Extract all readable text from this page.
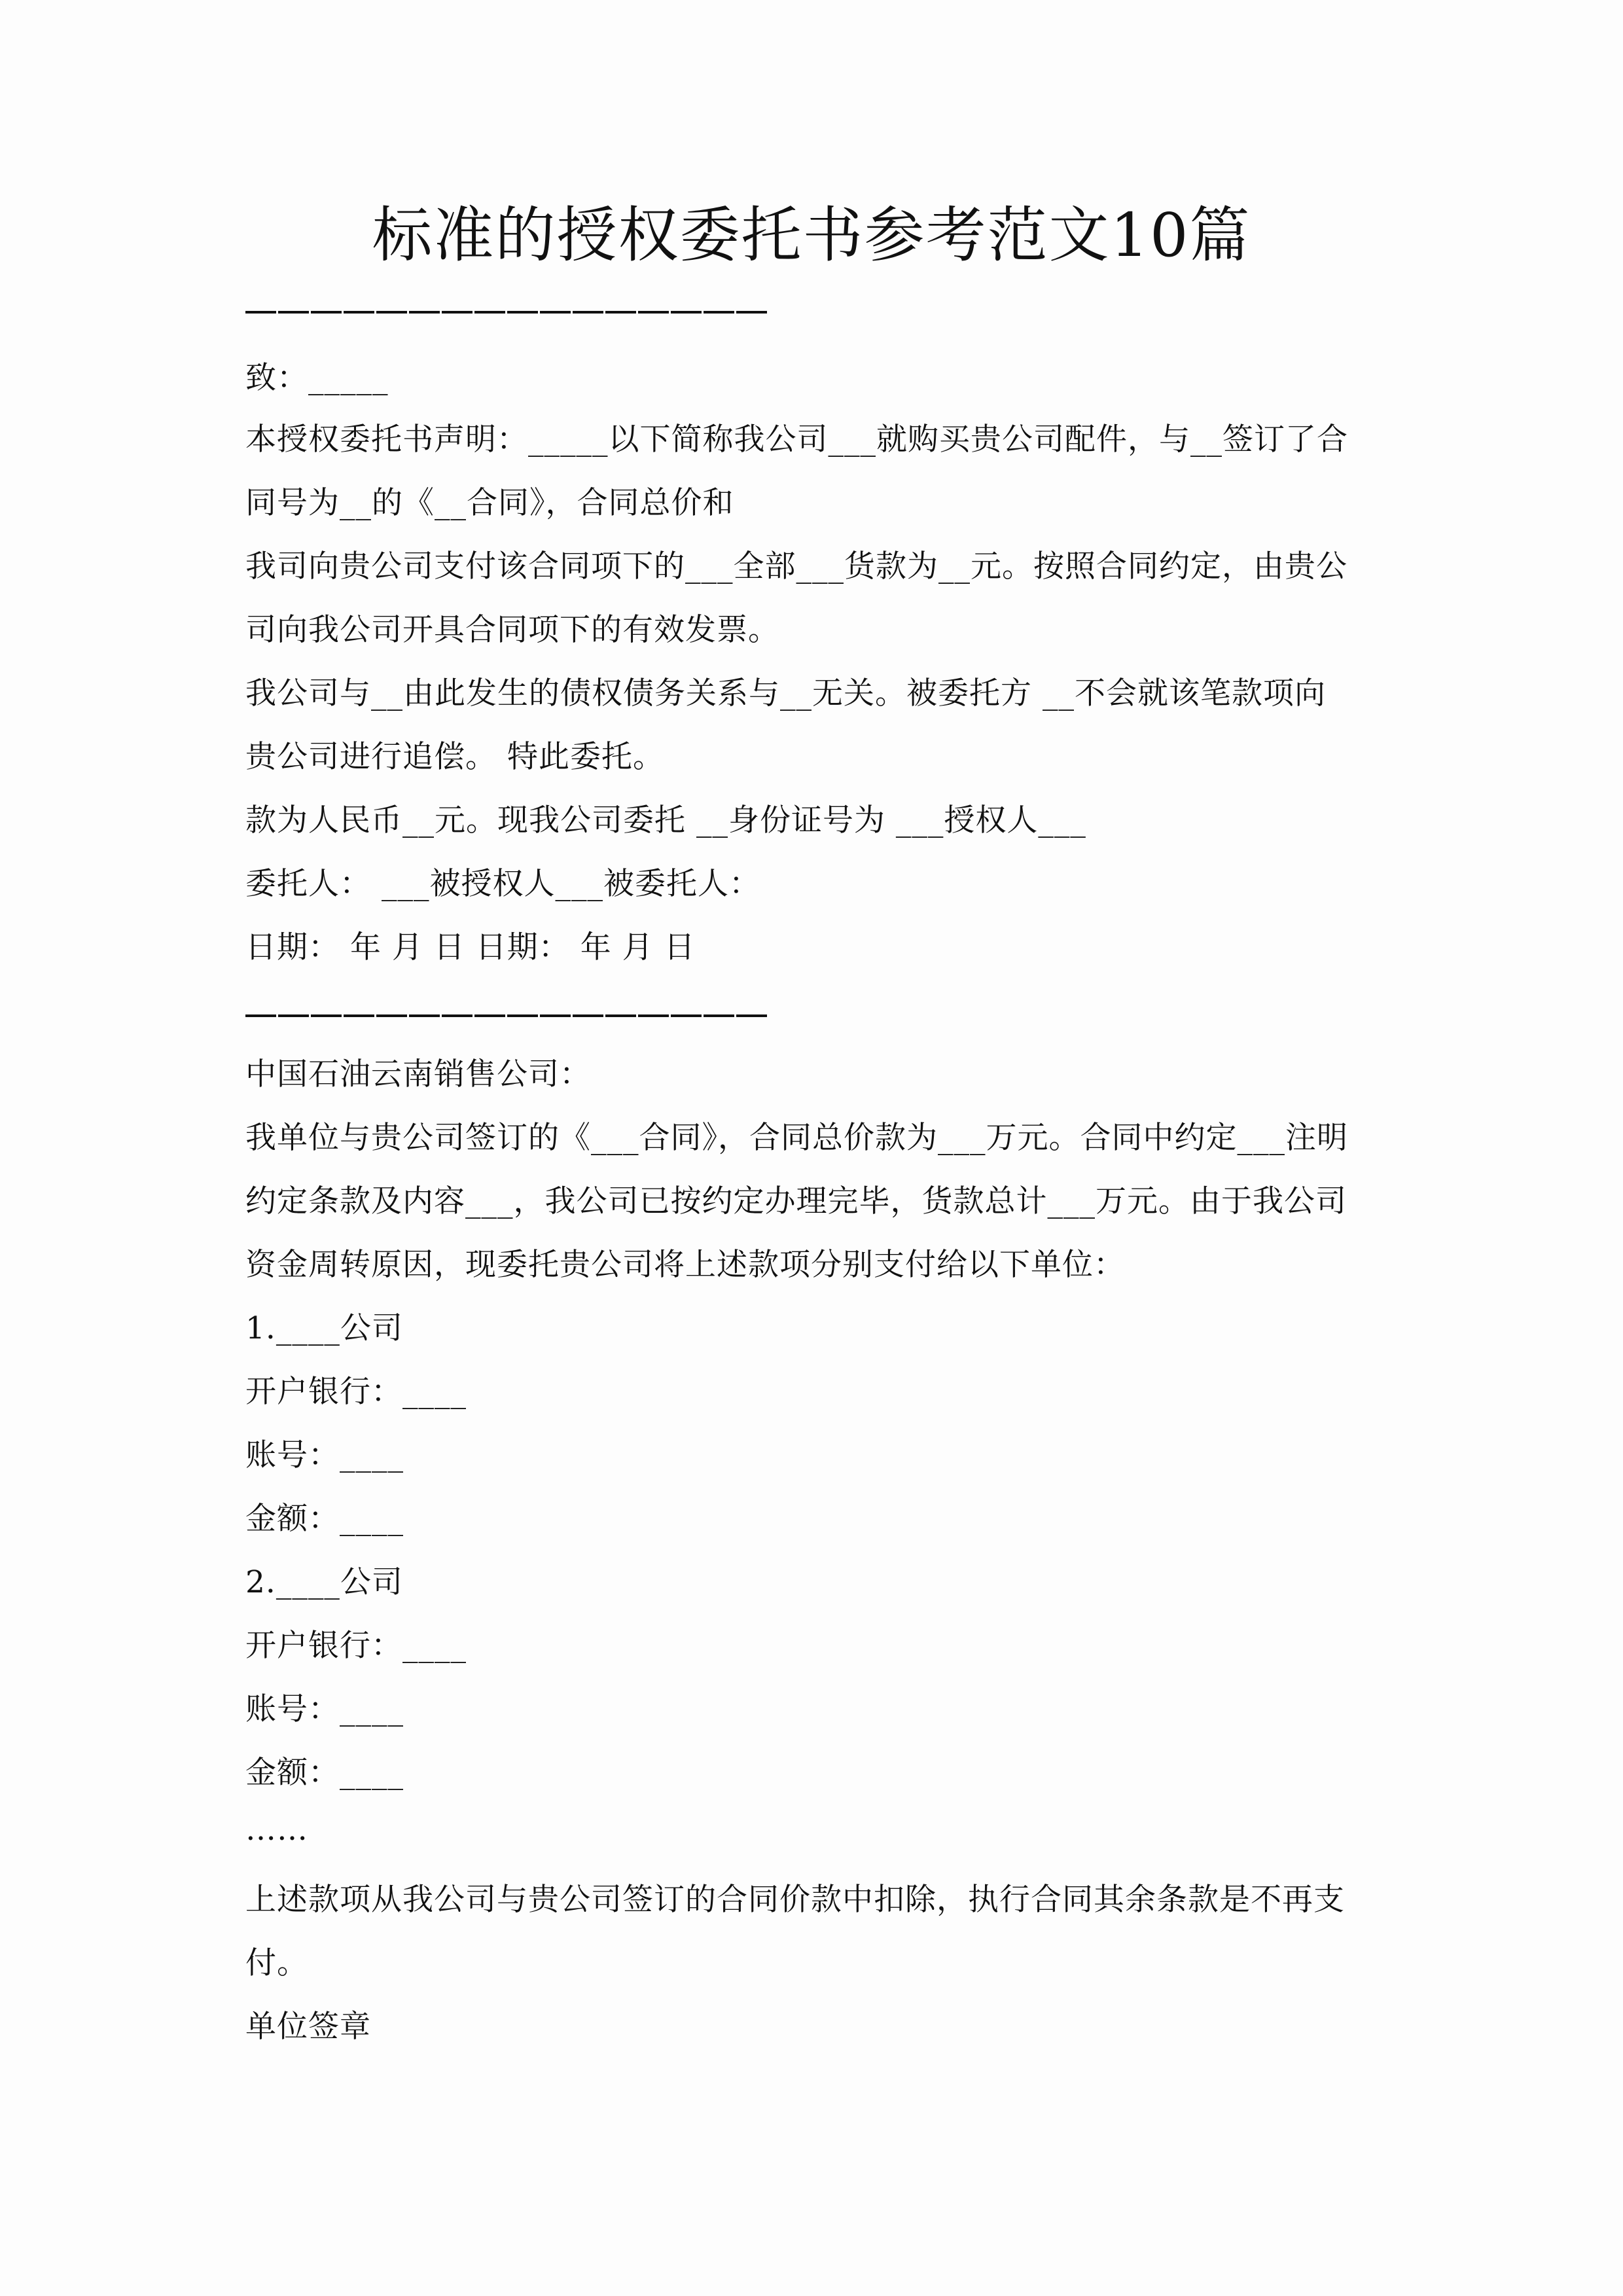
标准的授权委托书参考范文10篇
致：_____
本授权委托书声明：_____以下简称我公司___就购买贵公司配件，与__签订了合
同号为__的《__合同》，合同总价和
我司向贵公司支付该合同项下的___全部___货款为__元。按照合同约定，由贵公
司向我公司开具合同项下的有效发票。
我公司与__由此发生的债权债务关系与__无关。被委托方 __不会就该笔款项向
贵公司进行追偿。 特此委托。
款为人民币__元。现我公司委托 __身份证号为 ___授权人___
委托人： ___被授权人___被委托人：
日期： 年 月 日 日期： 年 月 日
中国石油云南销售公司：
我单位与贵公司签订的《___合同》，合同总价款为___万元。合同中约定___注明
约定条款及内容___，我公司已按约定办理完毕，货款总计___万元。由于我公司
资金周转原因，现委托贵公司将上述款项分别支付给以下单位：
1.____公司
开户银行：____
账号：____
金额：____
2.____公司
开户银行：____
账号：____
金额：____
……
上述款项从我公司与贵公司签订的合同价款中扣除，执行合同其余条款是不再支
付。
单位签章
